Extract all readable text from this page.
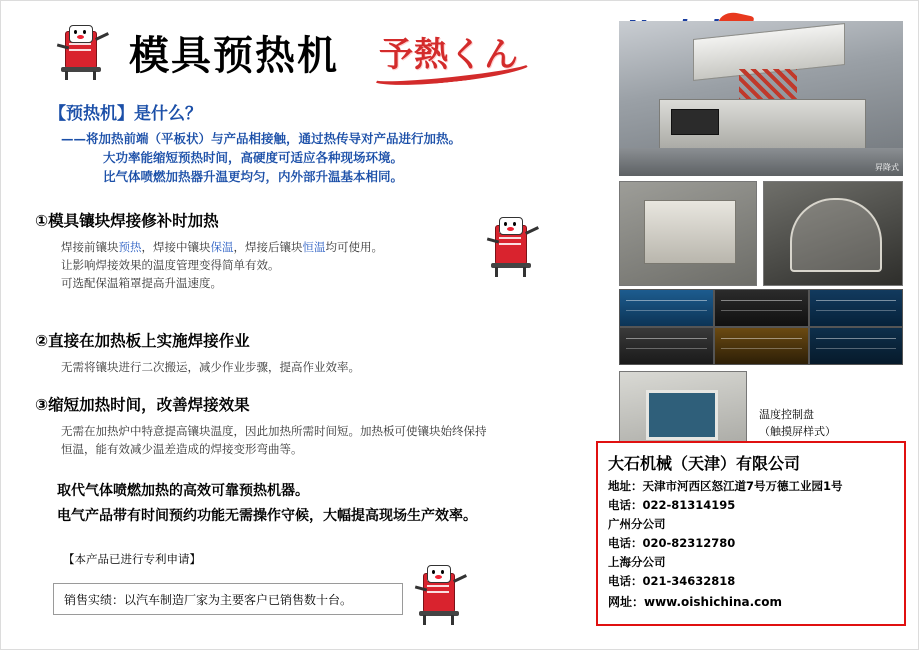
模具预热机 予熱くん
【预热机】是什么？
——将加热前端（平板状）与产品相接触，通过热传导对产品进行加热。
大功率能缩短预热时间，高硬度可适应各种现场环境。
比气体喷燃加热器升温更均匀，内外部升温基本相同。
①模具镶块焊接修补时加热
焊接前镶块预热，焊接中镶块保温，焊接后镶块恒温均可使用。
让影响焊接效果的温度管理变得简单有效。
可选配保温箱罩提高升温速度。
②直接在加热板上实施焊接作业
无需将镶块进行二次搬运，减少作业步骤，提高作业效率。
③缩短加热时间，改善焊接效果
无需在加热炉中特意提高镶块温度，因此加热所需时间短。加热板可使镶块始终保持
恒温，能有效减少温差造成的焊接变形弯曲等。
取代气体喷燃加热的高效可靠预热机器。
电气产品带有时间预约功能无需操作守候，大幅提高现场生产效率。
【本产品已进行专利申请】
销售实绩：以汽车制造厂家为主要客户已销售数十台。
昇降式
温度控制盘
（触摸屏样式）
大石机械（天津）有限公司
地址：天津市河西区怒江道7号万德工业园1号
电话：022-81314195
广州分公司
电话：020-82312780
上海分公司
电话：021-34632818
网址：www.oishichina.com
